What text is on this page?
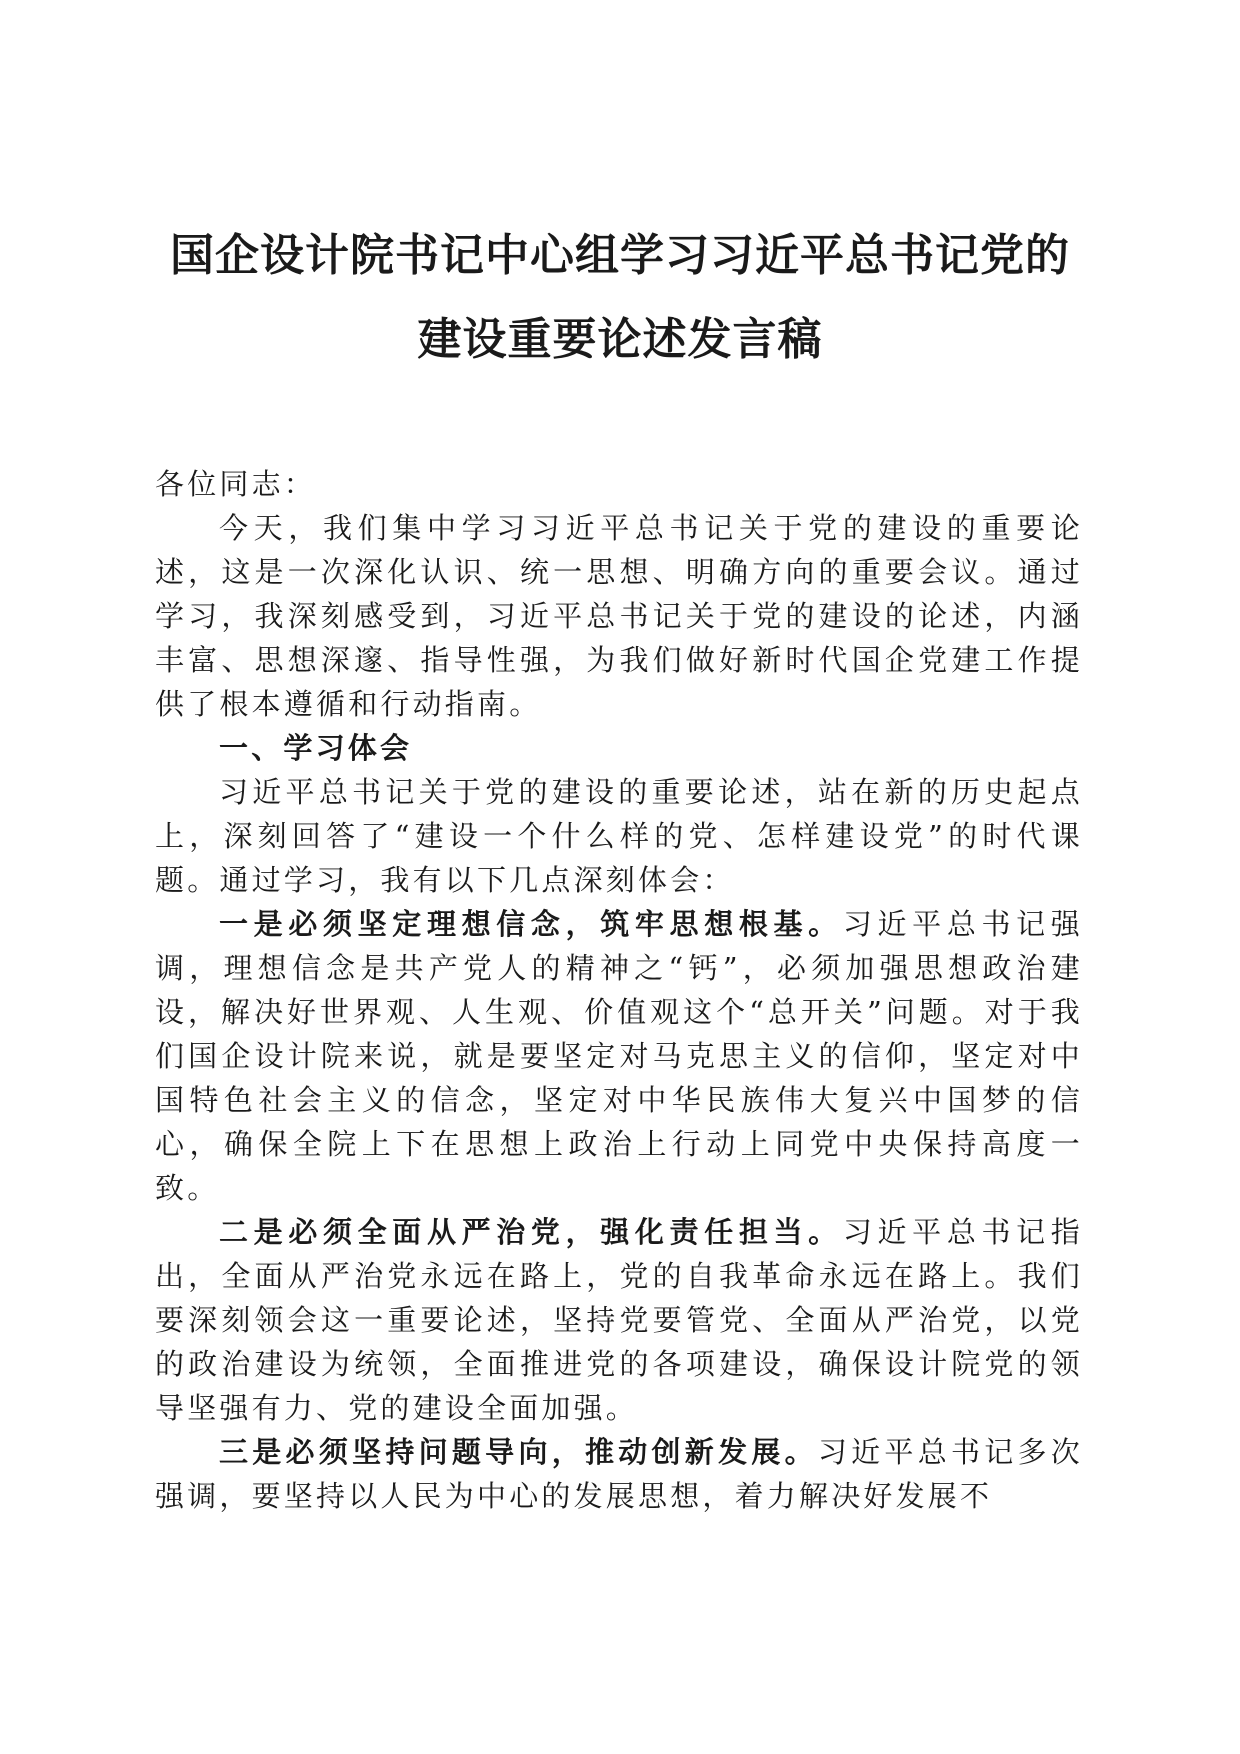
国企设计院书记中心组学习习近平总书记党的
建设重要论述发言稿

各位同志：

今天，我们集中学习习近平总书记关于党的建设的重要论述，这是一次深化认识、统一思想、明确方向的重要会议。通过学习，我深刻感受到，习近平总书记关于党的建设的论述，内涵丰富、思想深邃、指导性强，为我们做好新时代国企党建工作提供了根本遵循和行动指南。

一、学习体会

习近平总书记关于党的建设的重要论述，站在新的历史起点上，深刻回答了“建设一个什么样的党、怎样建设党”的时代课题。通过学习，我有以下几点深刻体会：

一是必须坚定理想信念，筑牢思想根基。习近平总书记强调，理想信念是共产党人的精神之“钙”，必须加强思想政治建设，解决好世界观、人生观、价值观这个“总开关”问题。对于我们国企设计院来说，就是要坚定对马克思主义的信仰，坚定对中国特色社会主义的信念，坚定对中华民族伟大复兴中国梦的信心，确保全院上下在思想上政治上行动上同党中央保持高度一致。

二是必须全面从严治党，强化责任担当。习近平总书记指出，全面从严治党永远在路上，党的自我革命永远在路上。我们要深刻领会这一重要论述，坚持党要管党、全面从严治党，以党的政治建设为统领，全面推进党的各项建设，确保设计院党的领导坚强有力、党的建设全面加强。

三是必须坚持问题导向，推动创新发展。习近平总书记多次强调，要坚持以人民为中心的发展思想，着力解决好发展不
